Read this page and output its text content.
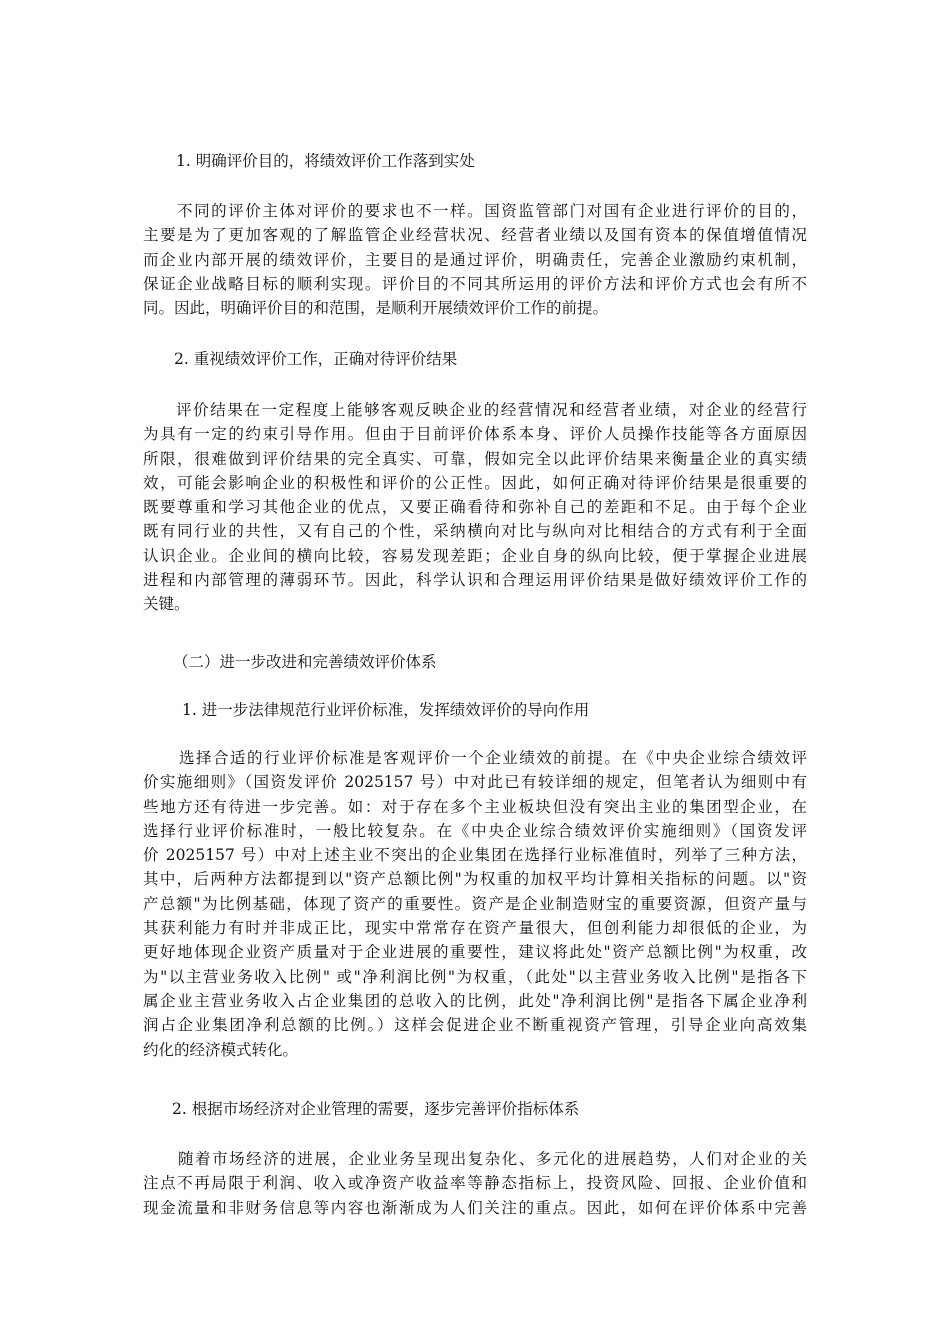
1. 明确评价目的，将绩效评价工作落到实处

不同的评价主体对评价的要求也不一样。国资监管部门对国有企业进行评价的目的，
主要是为了更加客观的了解监管企业经营状况、经营者业绩以及国有资本的保值增值情况
而企业内部开展的绩效评价，主要目的是通过评价，明确责任，完善企业激励约束机制，
保证企业战略目标的顺利实现。评价目的不同其所运用的评价方法和评价方式也会有所不
同。因此，明确评价目的和范围，是顺利开展绩效评价工作的前提。

2. 重视绩效评价工作，正确对待评价结果

评价结果在一定程度上能够客观反映企业的经营情况和经营者业绩，对企业的经营行
为具有一定的约束引导作用。但由于目前评价体系本身、评价人员操作技能等各方面原因
所限，很难做到评价结果的完全真实、可靠，假如完全以此评价结果来衡量企业的真实绩
效，可能会影响企业的积极性和评价的公正性。因此，如何正确对待评价结果是很重要的
既要尊重和学习其他企业的优点，又要正确看待和弥补自己的差距和不足。由于每个企业
既有同行业的共性，又有自己的个性，采纳横向对比与纵向对比相结合的方式有利于全面
认识企业。企业间的横向比较，容易发现差距；企业自身的纵向比较，便于掌握企业进展
进程和内部管理的薄弱环节。因此，科学认识和合理运用评价结果是做好绩效评价工作的
关键。

（二）进一步改进和完善绩效评价体系

1. 进一步法律规范行业评价标准，发挥绩效评价的导向作用

选择合适的行业评价标准是客观评价一个企业绩效的前提。在《中央企业综合绩效评
价实施细则》（国资发评价 2025157 号）中对此已有较详细的规定，但笔者认为细则中有
些地方还有待进一步完善。如：对于存在多个主业板块但没有突出主业的集团型企业，在
选择行业评价标准时，一般比较复杂。在《中央企业综合绩效评价实施细则》（国资发评
价 2025157 号）中对上述主业不突出的企业集团在选择行业标准值时，列举了三种方法，
其中，后两种方法都提到以"资产总额比例"为权重的加权平均计算相关指标的问题。以"资
产总额"为比例基础，体现了资产的重要性。资产是企业制造财宝的重要资源，但资产量与
其获利能力有时并非成正比，现实中常常存在资产量很大，但创利能力却很低的企业，为
更好地体现企业资产质量对于企业进展的重要性，建议将此处"资产总额比例"为权重，改
为"以主营业务收入比例" 或"净利润比例"为权重，（此处"以主营业务收入比例"是指各下
属企业主营业务收入占企业集团的总收入的比例，此处"净利润比例"是指各下属企业净利
润占企业集团净利总额的比例。）这样会促进企业不断重视资产管理，引导企业向高效集
约化的经济模式转化。

2. 根据市场经济对企业管理的需要，逐步完善评价指标体系

随着市场经济的进展，企业业务呈现出复杂化、多元化的进展趋势，人们对企业的关
注点不再局限于利润、收入或净资产收益率等静态指标上，投资风险、回报、企业价值和
现金流量和非财务信息等内容也渐渐成为人们关注的重点。因此，如何在评价体系中完善
